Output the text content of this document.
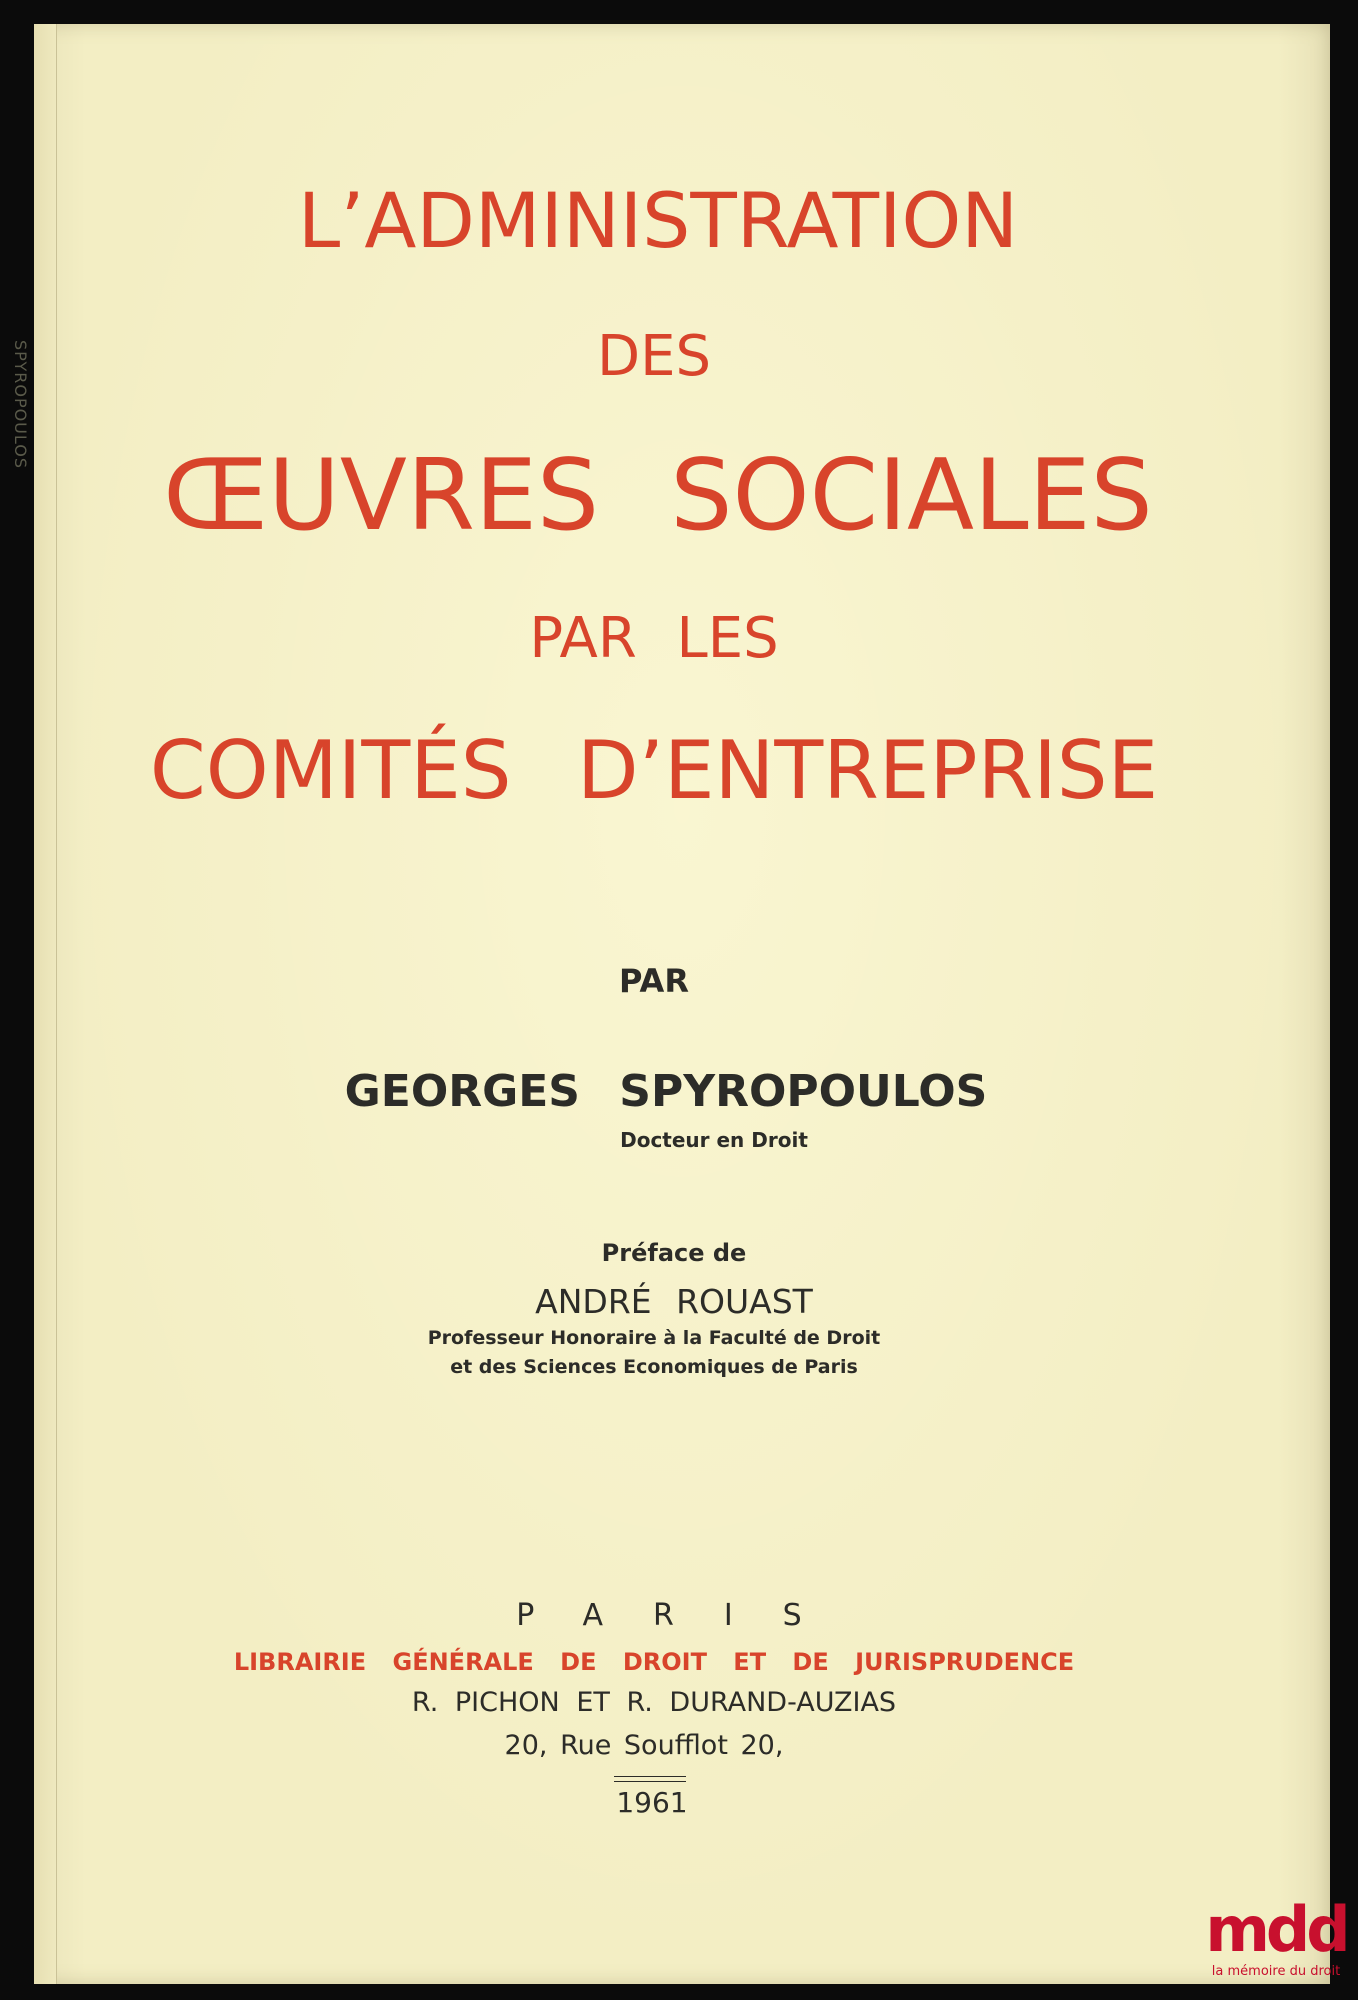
L’ADMINISTRATION
DES
ŒUVRES SOCIALES
PAR LES
COMITÉS D’ENTREPRISE
PAR
GEORGES SPYROPOULOS
Docteur en Droit
Préface de
ANDRÉ ROUAST
Professeur Honoraire à la Faculté de Droit
et des Sciences Economiques de Paris
PARIS
LIBRAIRIE GÉNÉRALE DE DROIT ET DE JURISPRUDENCE
R. PICHON ET R. DURAND-AUZIAS
20, Rue Soufflot 20,
1961
SPYROPOULOS
mdd
la mémoire du droit
